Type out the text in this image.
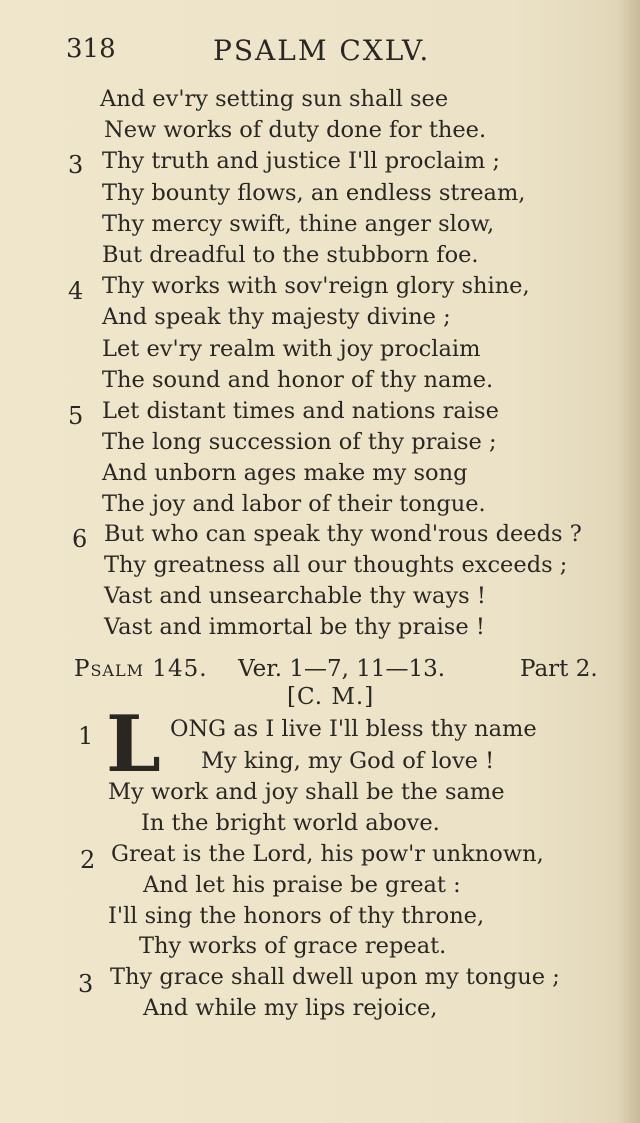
318	PSALM CXLV.
And ev'ry setting sun shall see
New works of duty done for thee.
3 Thy truth and justice I'll proclaim ;
Thy bounty flows, an endless stream,
Thy mercy swift, thine anger slow,
But dreadful to the stubborn foe.
4 Thy works with sov'reign glory shine,
And speak thy majesty divine ;
Let ev'ry realm with joy proclaim
The sound and honor of thy name.
5 Let distant times and nations raise
The long succession of thy praise ;
And unborn ages make my song
The joy and labor of their tongue.
6 But who can speak thy wond'rous deeds ?
Thy greatness all our thoughts exceeds ;
Vast and unsearchable thy ways !
Vast and immortal be thy praise !
Psalm 145. Ver. 1—7, 11—13.	Part 2.
[C. M.]
1 L ONG as I live I'll bless thy name
My king, my God of love !
My work and joy shall be the same
In the bright world above.
2 Great is the Lord, his pow'r unknown,
And let his praise be great :
I'll sing the honors of thy throne,
Thy works of grace repeat.
3 Thy grace shall dwell upon my tongue ;
And while my lips rejoice,
